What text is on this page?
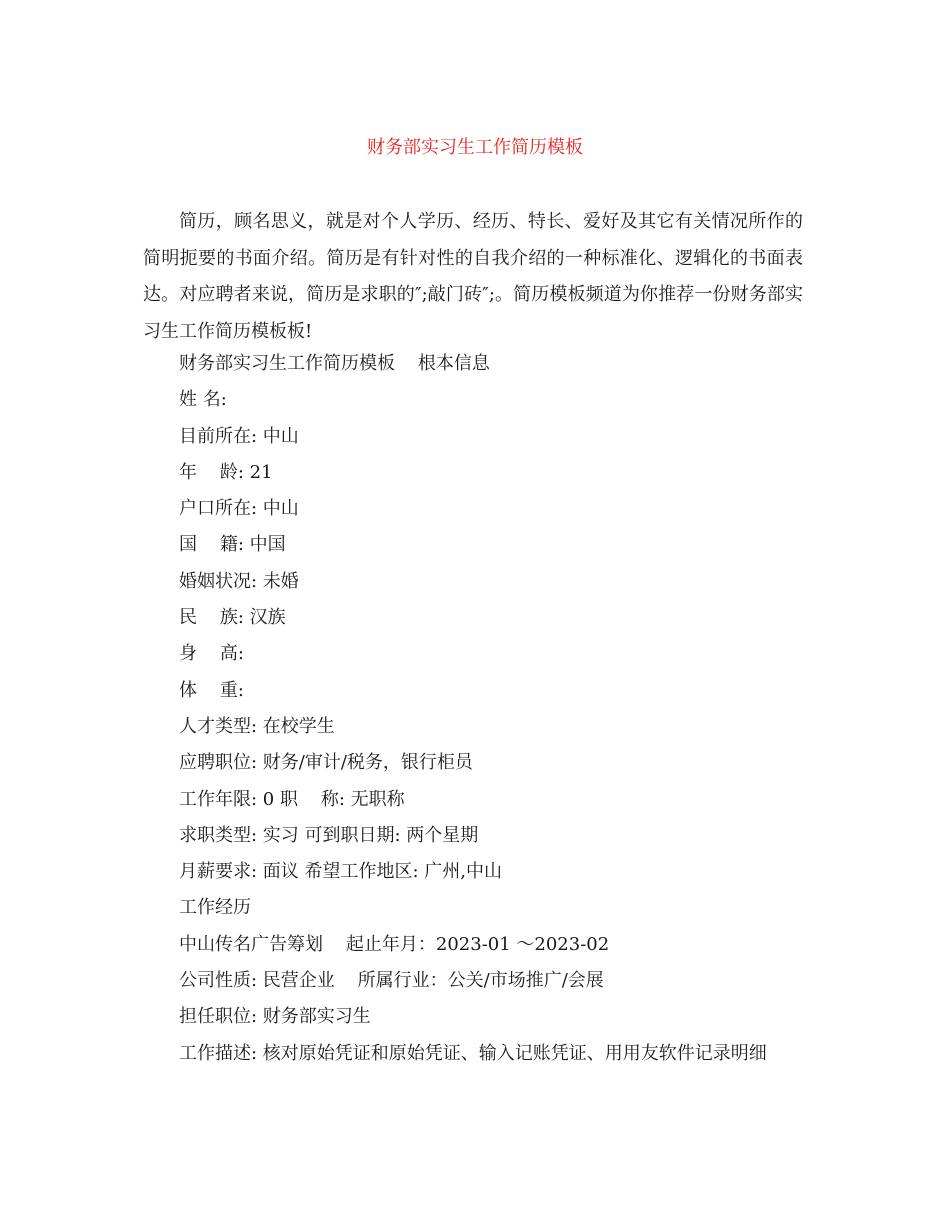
财务部实习生工作简历模板

简历，顾名思义，就是对个人学历、经历、特长、爱好及其它有关情况所作的简明扼要的书面介绍。简历是有针对性的自我介绍的一种标准化、逻辑化的书面表达。对应聘者来说，简历是求职的″;敲门砖″;。简历模板频道为你推荐一份财务部实习生工作简历模板板!

财务部实习生工作简历模板    根本信息
姓 名:
目前所在: 中山
年    龄: 21
户口所在: 中山
国    籍: 中国
婚姻状况: 未婚
民    族: 汉族
身    高:
体    重:
人才类型: 在校学生
应聘职位: 财务/审计/税务，银行柜员
工作年限: 0 职    称: 无职称
求职类型: 实习 可到职日期: 两个星期
月薪要求: 面议 希望工作地区: 广州,中山
工作经历
中山传名广告筹划    起止年月：2023-01 ～2023-02
公司性质: 民营企业    所属行业：公关/市场推广/会展
担任职位: 财务部实习生
工作描述: 核对原始凭证和原始凭证、输入记账凭证、用用友软件记录明细
